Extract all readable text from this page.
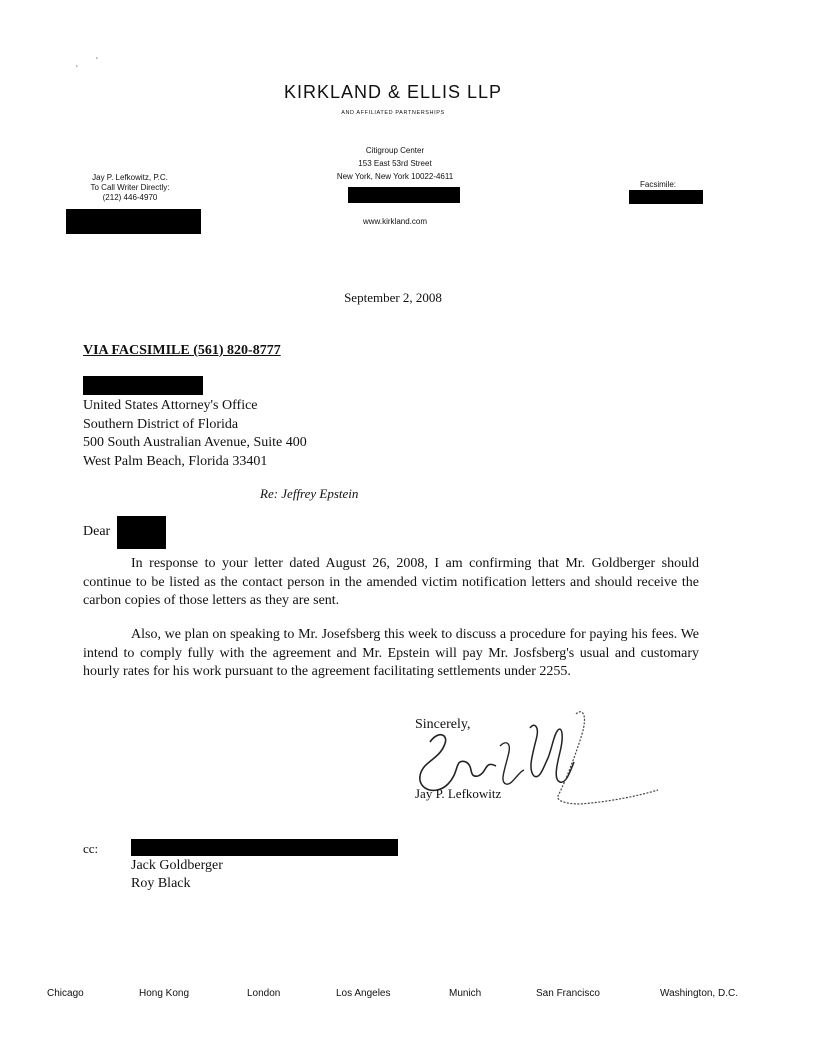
'
'
KIRKLAND & ELLIS LLP
AND AFFILIATED PARTNERSHIPS
Citigroup Center
153 East 53rd Street
New York, New York 10022-4611
www.kirkland.com
Jay P. Lefkowitz, P.C.
To Call Writer Directly:
(212) 446-4970
Facsimile:
September 2, 2008
VIA FACSIMILE (561) 820-8777
United States Attorney's Office
Southern District of Florida
500 South Australian Avenue, Suite 400
West Palm Beach, Florida 33401
Re: Jeffrey Epstein
Dear

In response to your letter dated August 26, 2008, I am confirming that Mr. Goldberger should continue to be listed as the contact person in the amended victim notification letters and should receive the carbon copies of those letters as they are sent.

Also, we plan on speaking to Mr. Josefsberg this week to discuss a procedure for paying his fees. We intend to comply fully with the agreement and Mr. Epstein will pay Mr. Josfsberg's usual and customary hourly rates for his work pursuant to the agreement facilitating settlements under 2255.

Sincerely,
Jay P. Lefkowitz
cc:
Jack Goldberger
Roy Black
Chicago	Hong Kong	London	Los Angeles	Munich	San Francisco	Washington, D.C.
